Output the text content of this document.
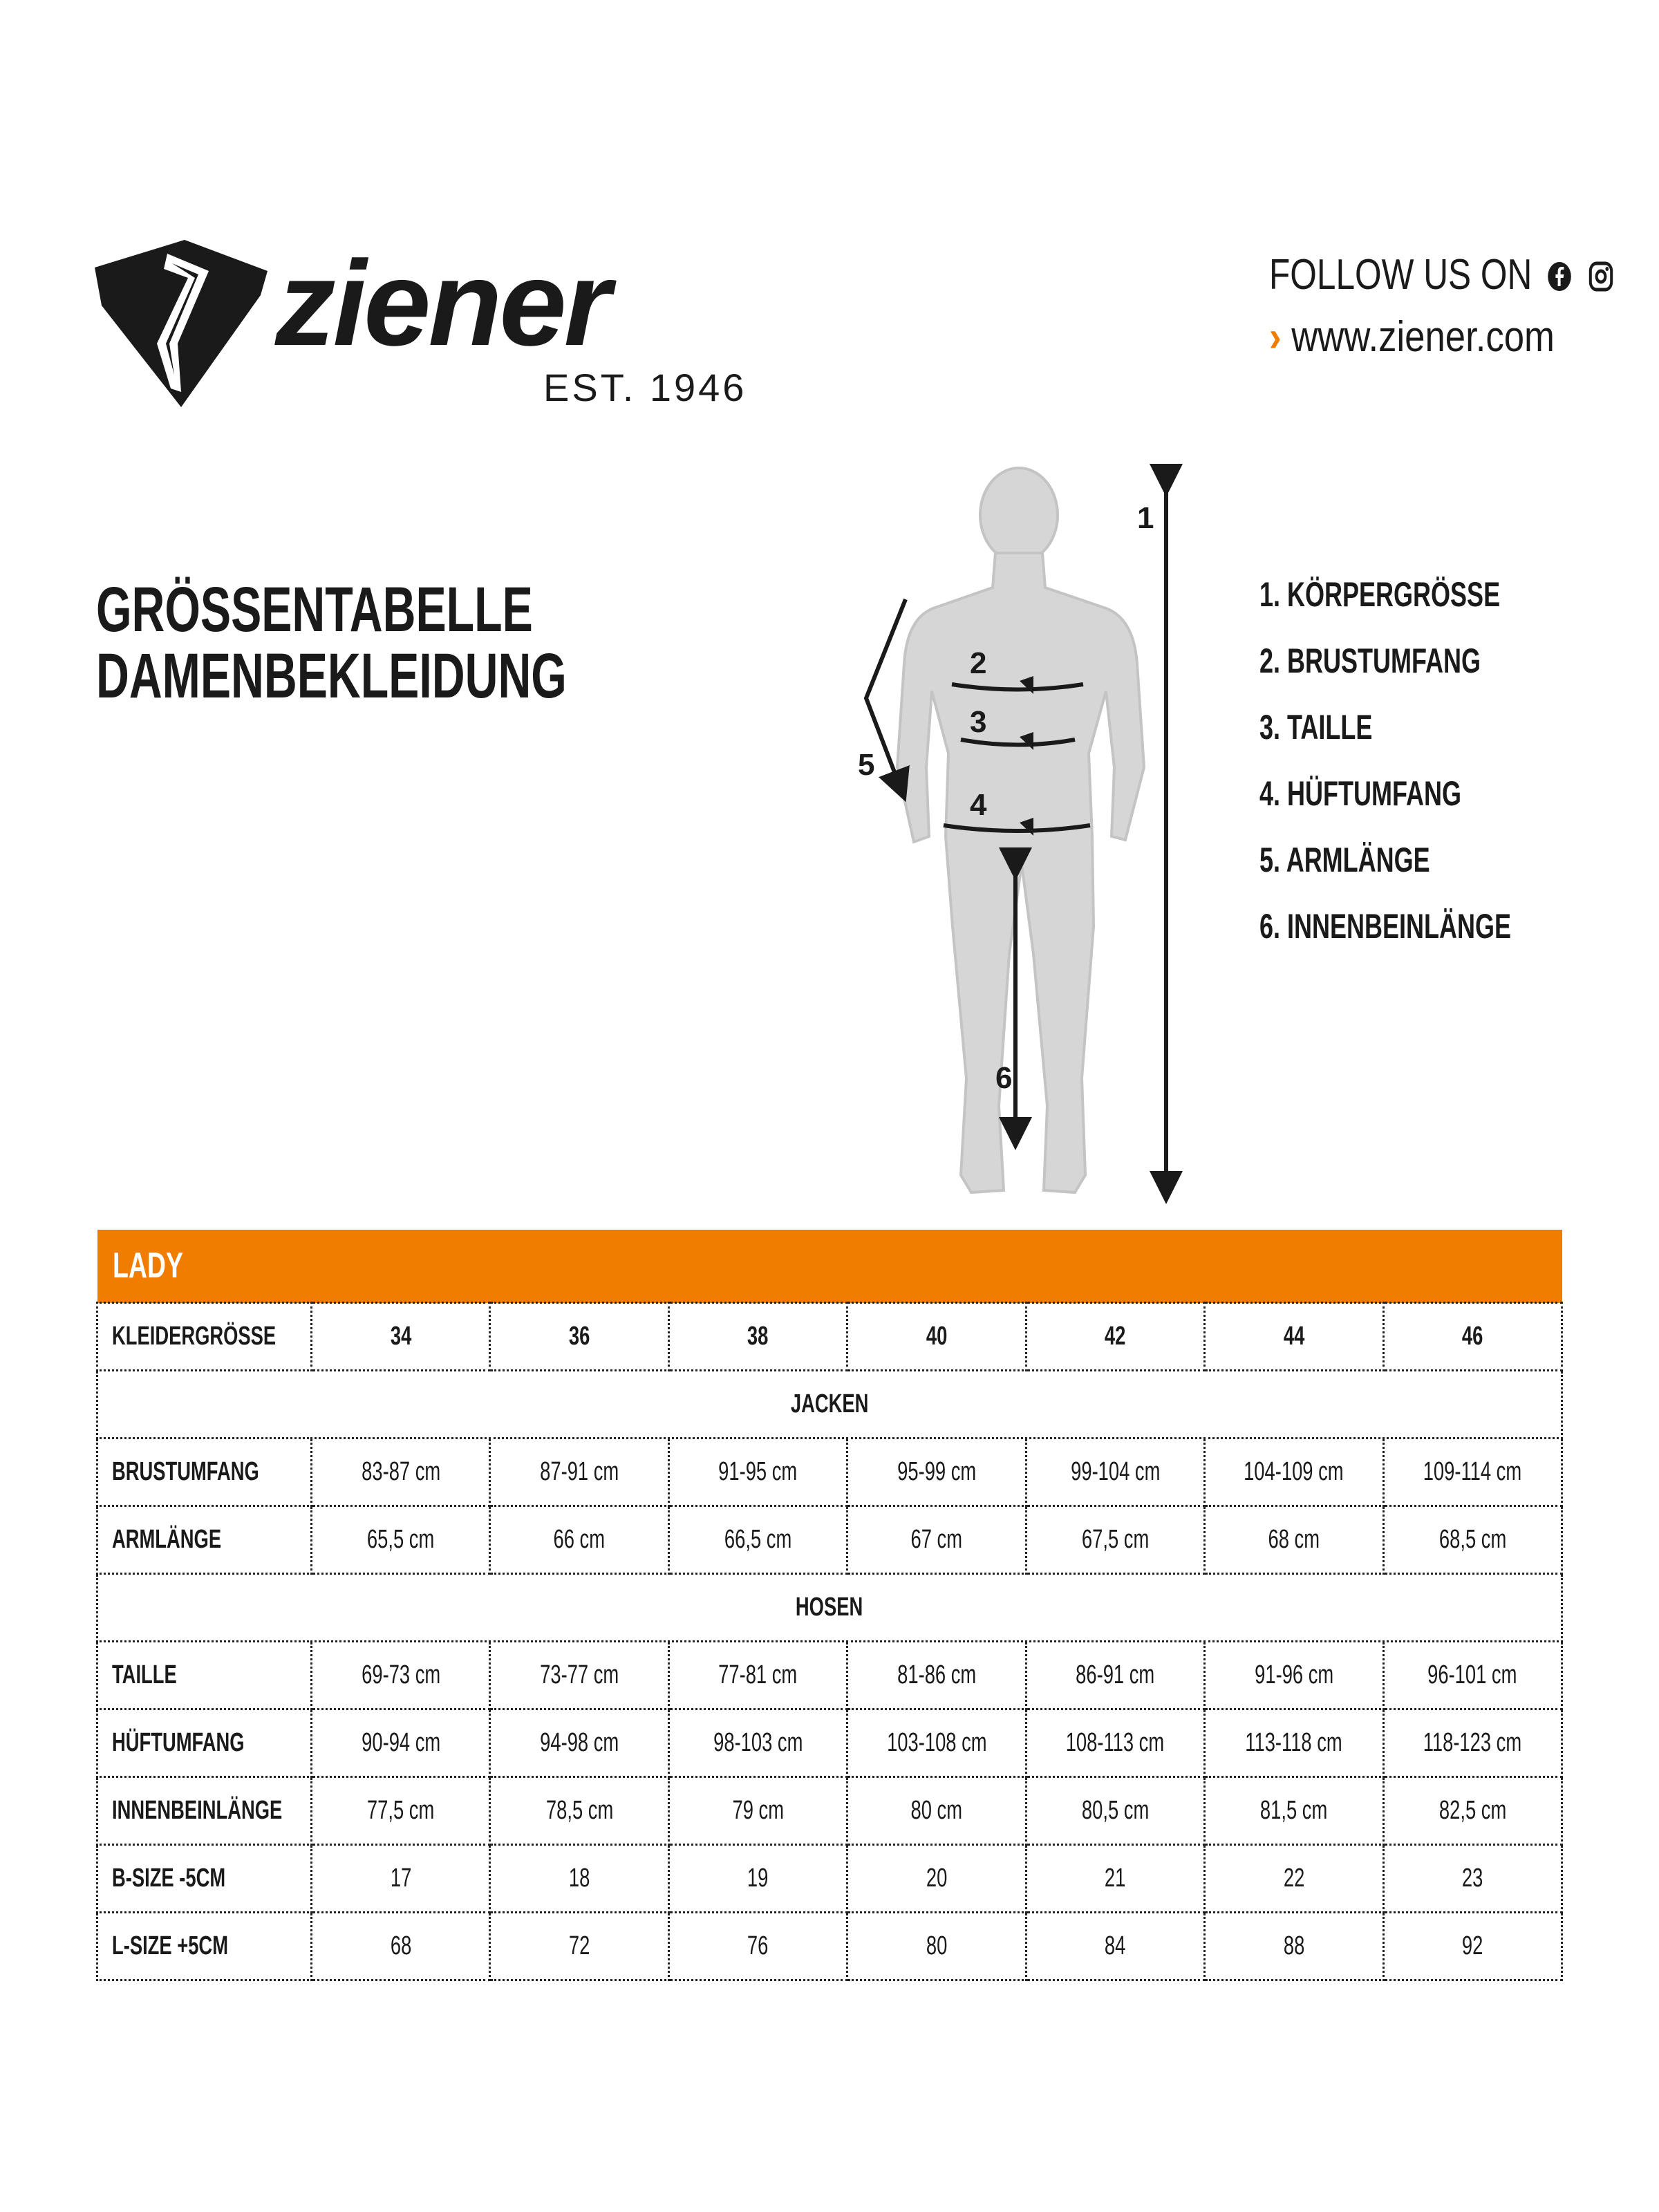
ziener
EST. 1946
FOLLOW US ON
› www.ziener.com
GRÖSSENTABELLE
DAMENBEKLEIDUNG
1
2
3
4
5
6
1. KÖRPERGRÖSSE
2. BRUSTUMFANG
3. TAILLE
4. HÜFTUMFANG
5. ARMLÄNGE
6. INNENBEINLÄNGE
LADY							
KLEIDERGRÖSSE	34	36	38	40	42	44	46
JACKEN							
BRUSTUMFANG	83-87 cm	87-91 cm	91-95 cm	95-99 cm	99-104 cm	104-109 cm	109-114 cm
ARMLÄNGE	65,5 cm	66 cm	66,5 cm	67 cm	67,5 cm	68 cm	68,5 cm
HOSEN							
TAILLE	69-73 cm	73-77 cm	77-81 cm	81-86 cm	86-91 cm	91-96 cm	96-101 cm
HÜFTUMFANG	90-94 cm	94-98 cm	98-103 cm	103-108 cm	108-113 cm	113-118 cm	118-123 cm
INNENBEINLÄNGE	77,5 cm	78,5 cm	79 cm	80 cm	80,5 cm	81,5 cm	82,5 cm
B-SIZE -5CM	17	18	19	20	21	22	23
L-SIZE +5CM	68	72	76	80	84	88	92
